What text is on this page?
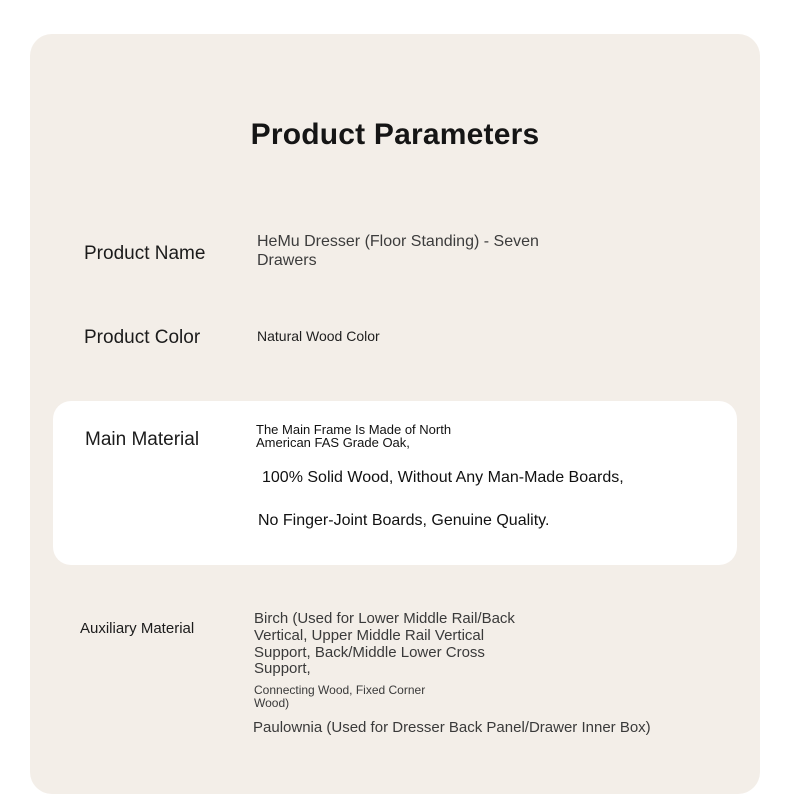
Product Parameters
Product Name
HeMu Dresser (Floor Standing) - Seven
Drawers
Product Color	Natural Wood Color
Main Material	The Main Frame Is Made of North
American FAS Grade Oak,
100% Solid Wood, Without Any Man-Made Boards,
No Finger-Joint Boards, Genuine Quality.
Auxiliary Material
Birch (Used for Lower Middle Rail/Back
Vertical, Upper Middle Rail Vertical
Support, Back/Middle Lower Cross
Support,
Connecting Wood, Fixed Corner
Wood)
Paulownia (Used for Dresser Back Panel/Drawer Inner Box)
